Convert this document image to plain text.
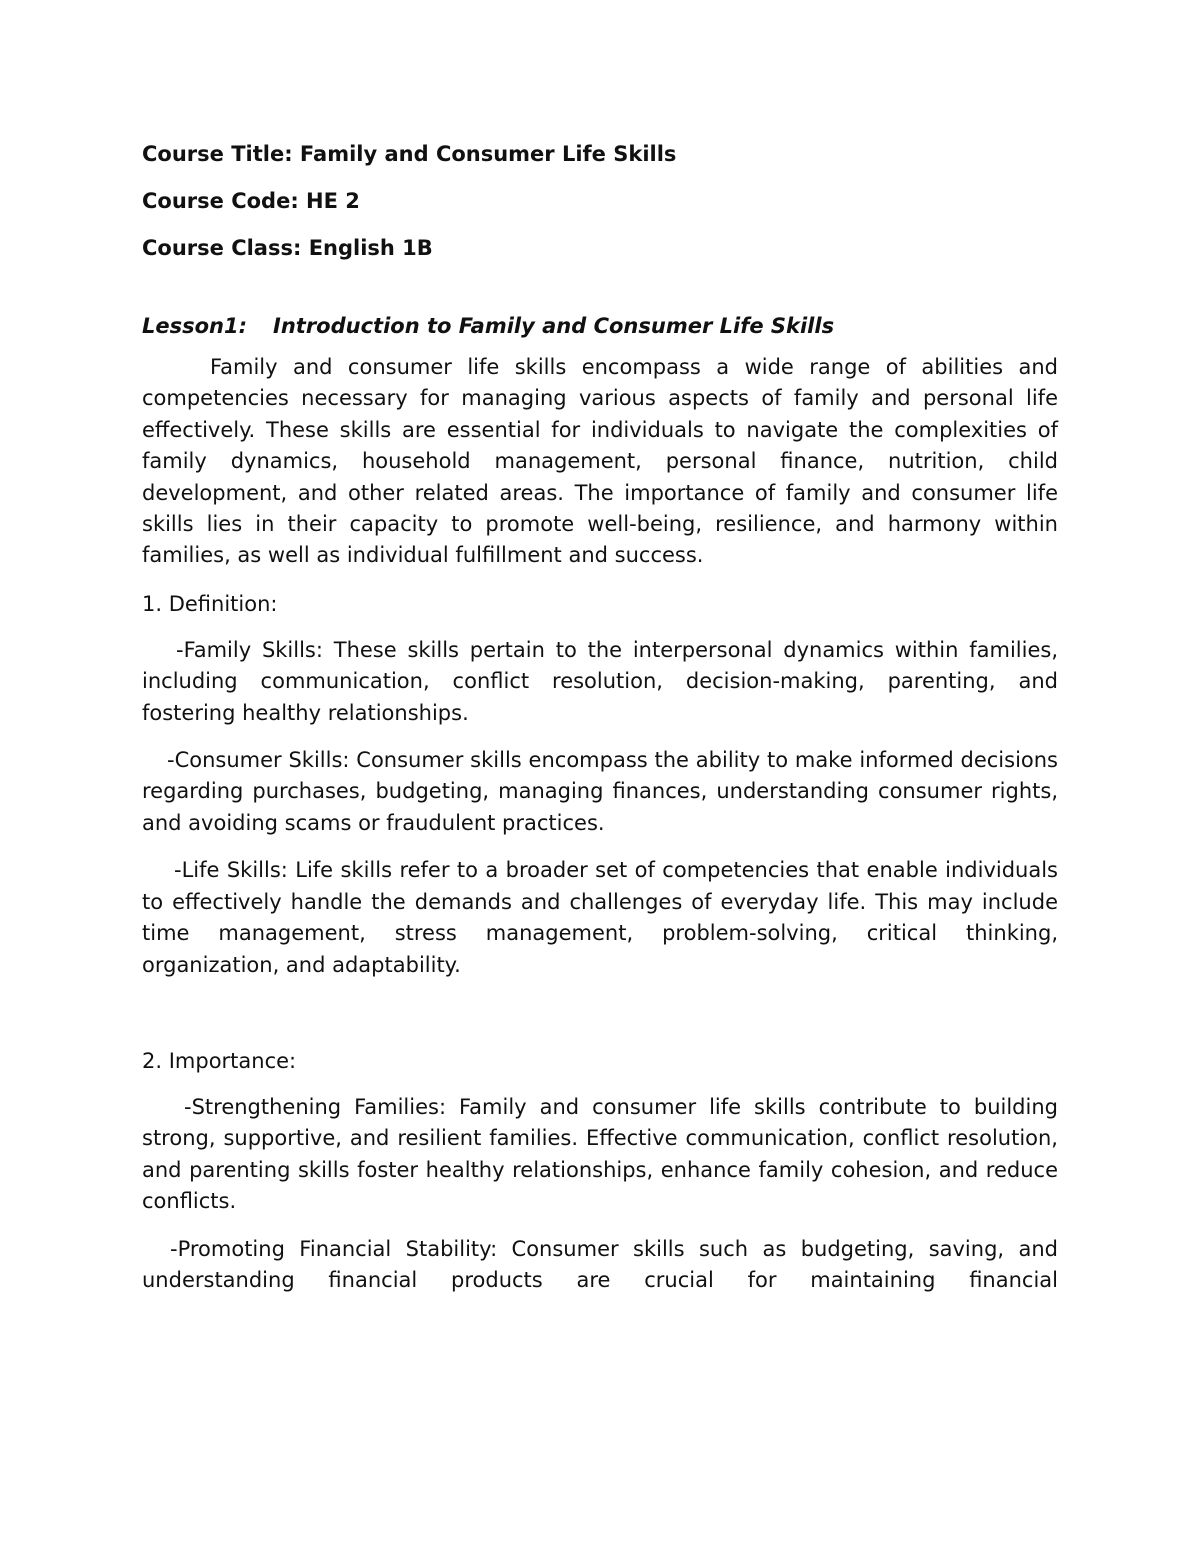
Course Title: Family and Consumer Life Skills
Course Code: HE 2
Course Class: English 1B
Lesson1: Introduction to Family and Consumer Life Skills

Family and consumer life skills encompass a wide range of abilities and competencies necessary for managing various aspects of family and personal life effectively. These skills are essential for individuals to navigate the complexities of family dynamics, household management, personal finance, nutrition, child development, and other related areas. The importance of family and consumer life skills lies in their capacity to promote well-being, resilience, and harmony within families, as well as individual fulfillment and success.

1. Definition:

-Family Skills: These skills pertain to the interpersonal dynamics within families, including communication, conflict resolution, decision-making, parenting, and fostering healthy relationships.

-Consumer Skills: Consumer skills encompass the ability to make informed decisions regarding purchases, budgeting, managing finances, understanding consumer rights, and avoiding scams or fraudulent practices.

-Life Skills: Life skills refer to a broader set of competencies that enable individuals to effectively handle the demands and challenges of everyday life. This may include time management, stress management, problem-solving, critical thinking, organization, and adaptability.

2. Importance:

-Strengthening Families: Family and consumer life skills contribute to building strong, supportive, and resilient families. Effective communication, conflict resolution, and parenting skills foster healthy relationships, enhance family cohesion, and reduce conflicts.

-Promoting Financial Stability: Consumer skills such as budgeting, saving, and understanding financial products are crucial for maintaining financial
